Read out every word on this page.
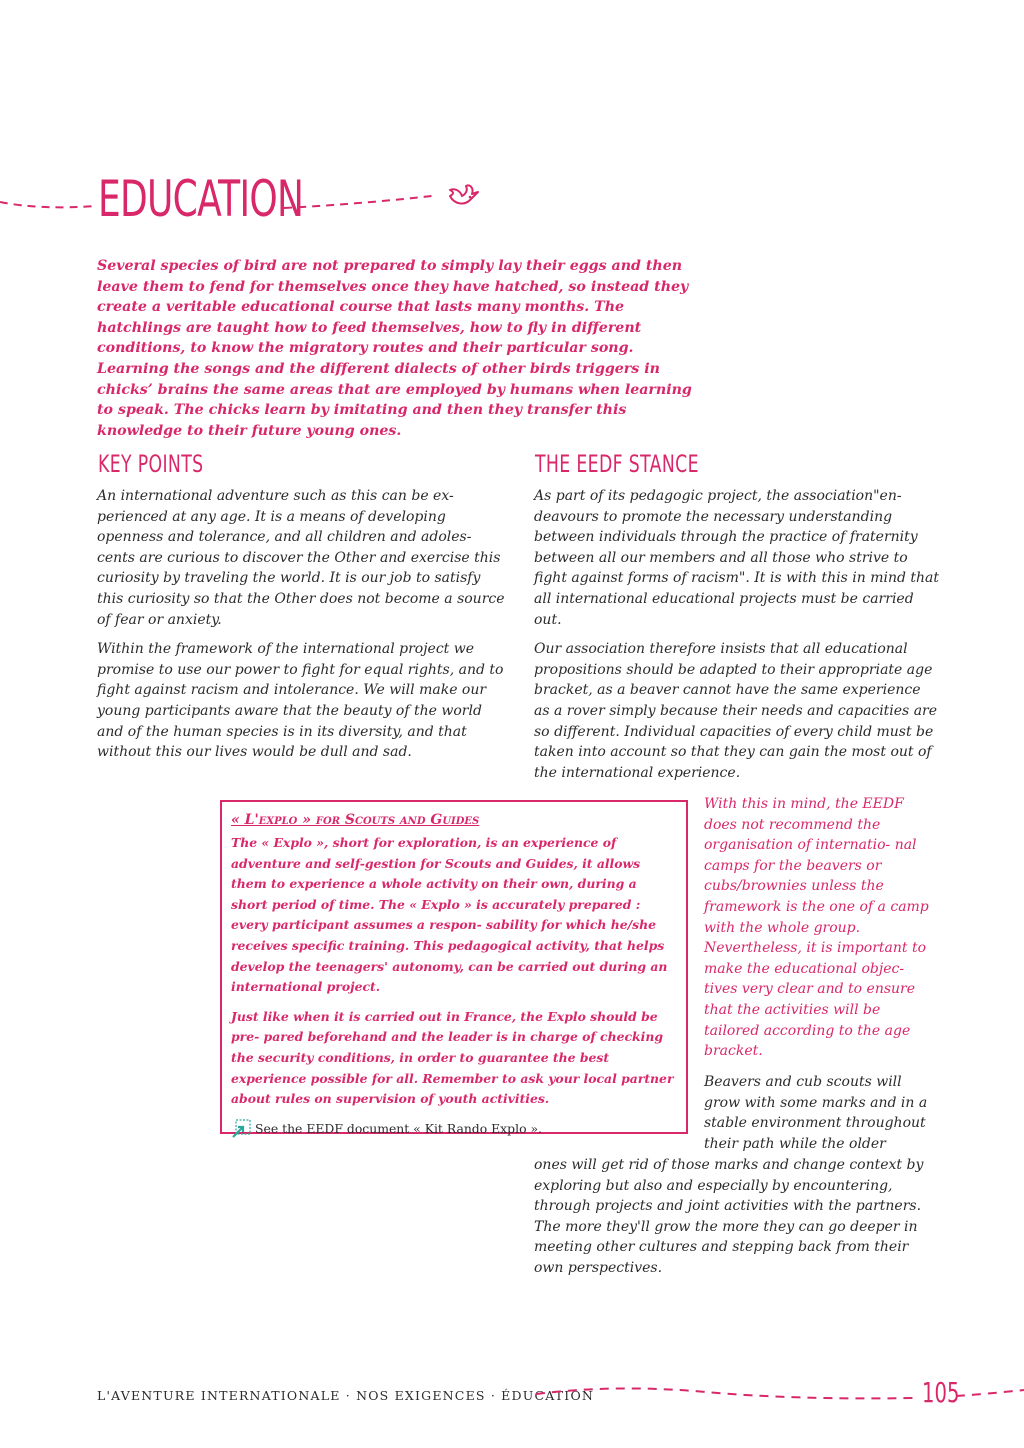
EDUCATION

Several species of bird are not prepared to simply lay their eggs and then leave them to fend for themselves once they have hatched, so instead they create a veritable educational course that lasts many months. The hatchlings are taught how to feed themselves, how to fly in different conditions, to know the migratory routes and their particular song. Learning the songs and the different dialects of other birds triggers in chicks’ brains the same areas that are employed by humans when learning to speak. The chicks learn by imitating and then they transfer this knowledge to their future young ones.

KEY POINTS

An international adventure such as this can be ex- perienced at any age. It is a means of developing openness and tolerance, and all children and adoles- cents are curious to discover the Other and exercise this curiosity by traveling the world. It is our job to satisfy this curiosity so that the Other does not become a source of fear or anxiety.

Within the framework of the international project we promise to use our power to fight for equal rights, and to fight against racism and intolerance. We will make our young participants aware that the beauty of the world and of the human species is in its diversity, and that without this our lives would be dull and sad.

THE EEDF STANCE

As part of its pedagogic project, the association"en- deavours to promote the necessary understanding between individuals through the practice of fraternity between all our members and all those who strive to fight against forms of racism". It is with this in mind that all international educational projects must be carried out.

Our association therefore insists that all educational propositions should be adapted to their appropriate age bracket, as a beaver cannot have the same experience as a rover simply because their needs and capacities are so different. Individual capacities of every child must be taken into account so that they can gain the most out of the international experience.

With this in mind, the EEDF does not recommend the organisation of internatio- nal camps for the beavers or cubs/brownies unless the framework is the one of a camp with the whole group. Nevertheless, it is important to make the educational objec- tives very clear and to ensure that the activities will be tailored according to the age bracket.
Beavers and cub scouts will grow with some marks and in a stable environment throughout their path while the older
ones will get rid of those marks and change context by exploring but also and especially by encountering, through projects and joint activities with the partners. The more they'll grow the more they can go deeper in meeting other cultures and stepping back from their own perspectives.
« L'explo » for Scouts and Guides

The « Explo », short for exploration, is an experience of adventure and self-gestion for Scouts and Guides, it allows them to experience a whole activity on their own, during a short period of time. The « Explo » is accurately prepared : every participant assumes a respon- sability for which he/she receives specific training. This pedagogical activity, that helps develop the teenagers' autonomy, can be carried out during an international project.

Just like when it is carried out in France, the Explo should be pre- pared beforehand and the leader is in charge of checking the security conditions, in order to guarantee the best experience possible for all. Remember to ask your local partner about rules on supervision of youth activities.

See the EEDF document « Kit Rando Explo ».
L'AVENTURE INTERNATIONALE · NOS EXIGENCES · ÉDUCATION	105
